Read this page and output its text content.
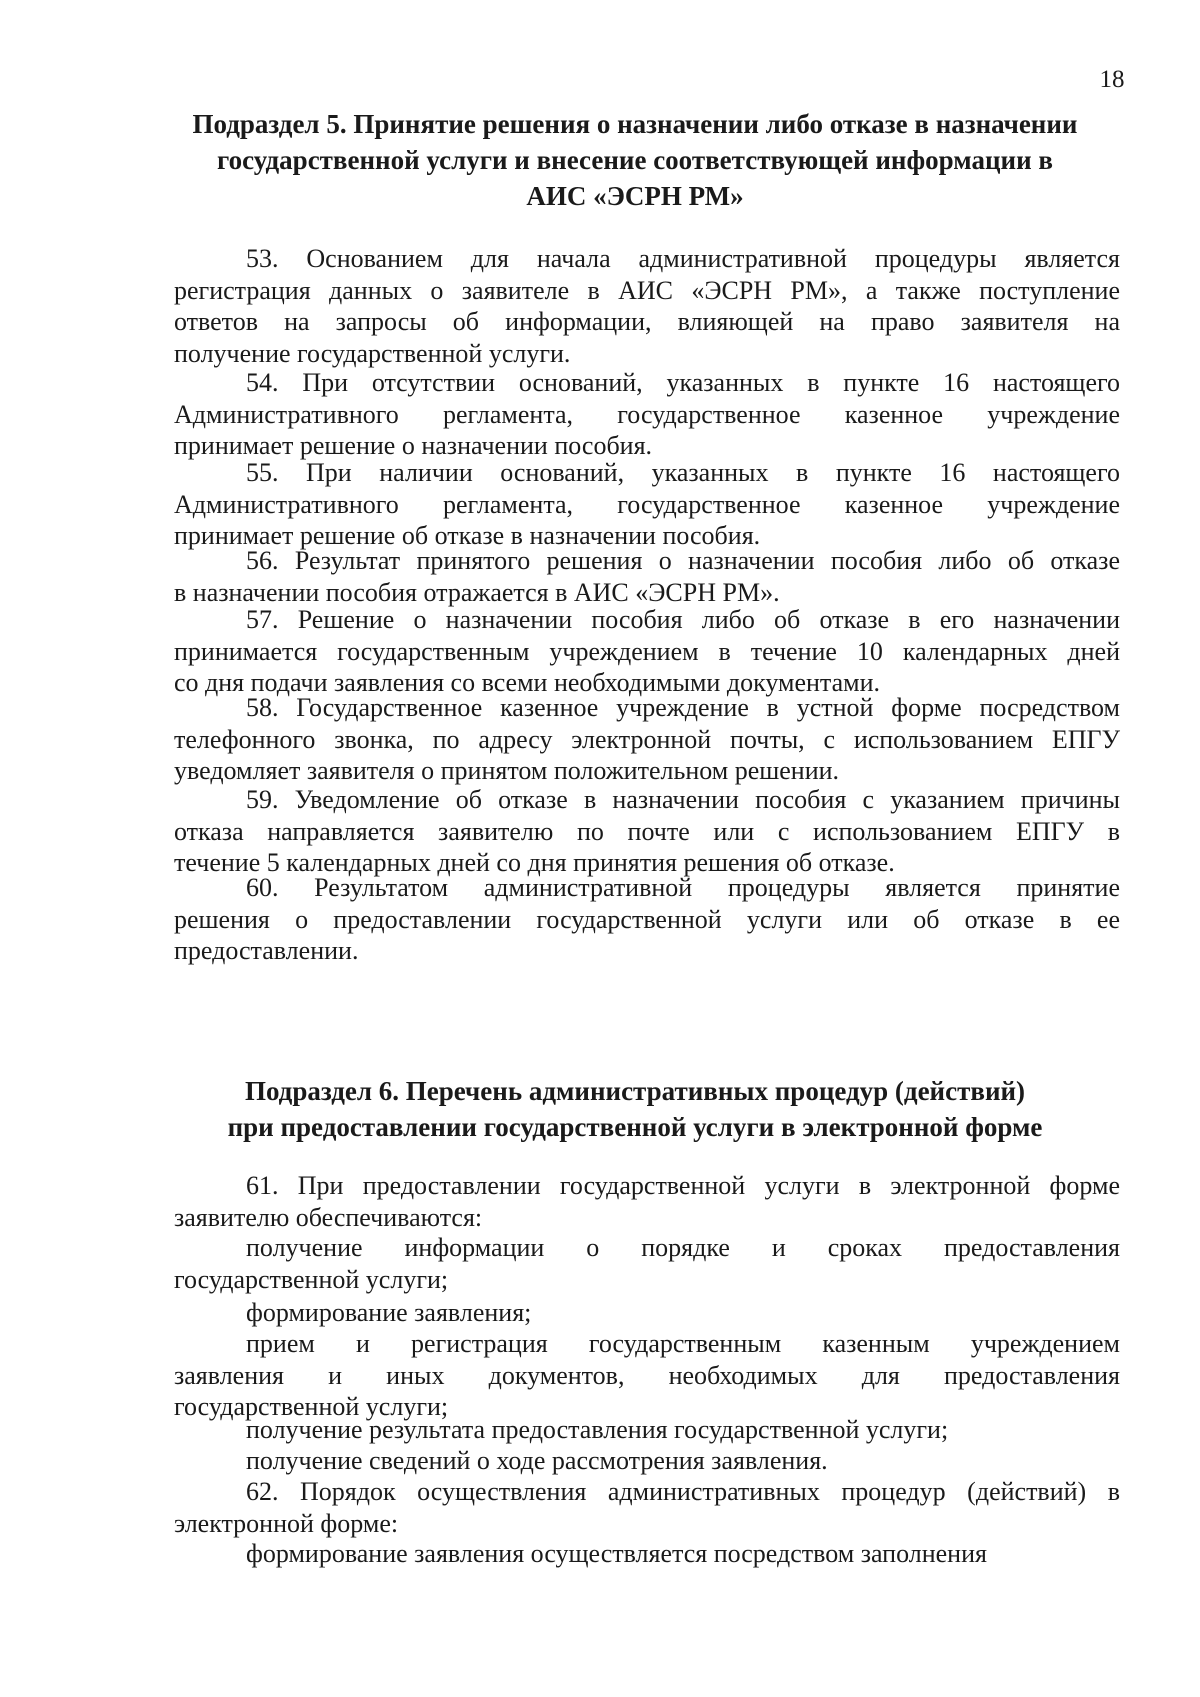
18
Подраздел 5. Принятие решения о назначении либо отказе в назначении
государственной услуги и внесение соответствующей информации в
АИС «ЭСРН РМ»
53. Основанием для начала административной процедуры является
регистрация данных о заявителе в АИС «ЭСРН РМ», а также поступление
ответов на запросы об информации, влияющей на право заявителя на
получение государственной услуги.
54. При отсутствии оснований, указанных в пункте 16 настоящего
Административного регламента, государственное казенное учреждение
принимает решение о назначении пособия.
55. При наличии оснований, указанных в пункте 16 настоящего
Административного регламента, государственное казенное учреждение
принимает решение об отказе в назначении пособия.
56. Результат принятого решения о назначении пособия либо об отказе
в назначении пособия отражается в АИС «ЭСРН РМ».
57. Решение о назначении пособия либо об отказе в его назначении
принимается государственным учреждением в течение 10 календарных дней
со дня подачи заявления со всеми необходимыми документами.
58. Государственное казенное учреждение в устной форме посредством
телефонного звонка, по адресу электронной почты, с использованием ЕПГУ
уведомляет заявителя о принятом положительном решении.
59. Уведомление об отказе в назначении пособия с указанием причины
отказа направляется заявителю по почте или с использованием ЕПГУ в
течение 5 календарных дней со дня принятия решения об отказе.
60. Результатом административной процедуры является принятие
решения о предоставлении государственной услуги или об отказе в ее
предоставлении.
Подраздел 6. Перечень административных процедур (действий)
при предоставлении государственной услуги в электронной форме
61. При предоставлении государственной услуги в электронной форме
заявителю обеспечиваются:
получение информации о порядке и сроках предоставления
государственной услуги;
формирование заявления;
прием и регистрация государственным казенным учреждением
заявления и иных документов, необходимых для предоставления
государственной услуги;
получение результата предоставления государственной услуги;
получение сведений о ходе рассмотрения заявления.
62. Порядок осуществления административных процедур (действий) в
электронной форме:
формирование заявления осуществляется посредством заполнения
